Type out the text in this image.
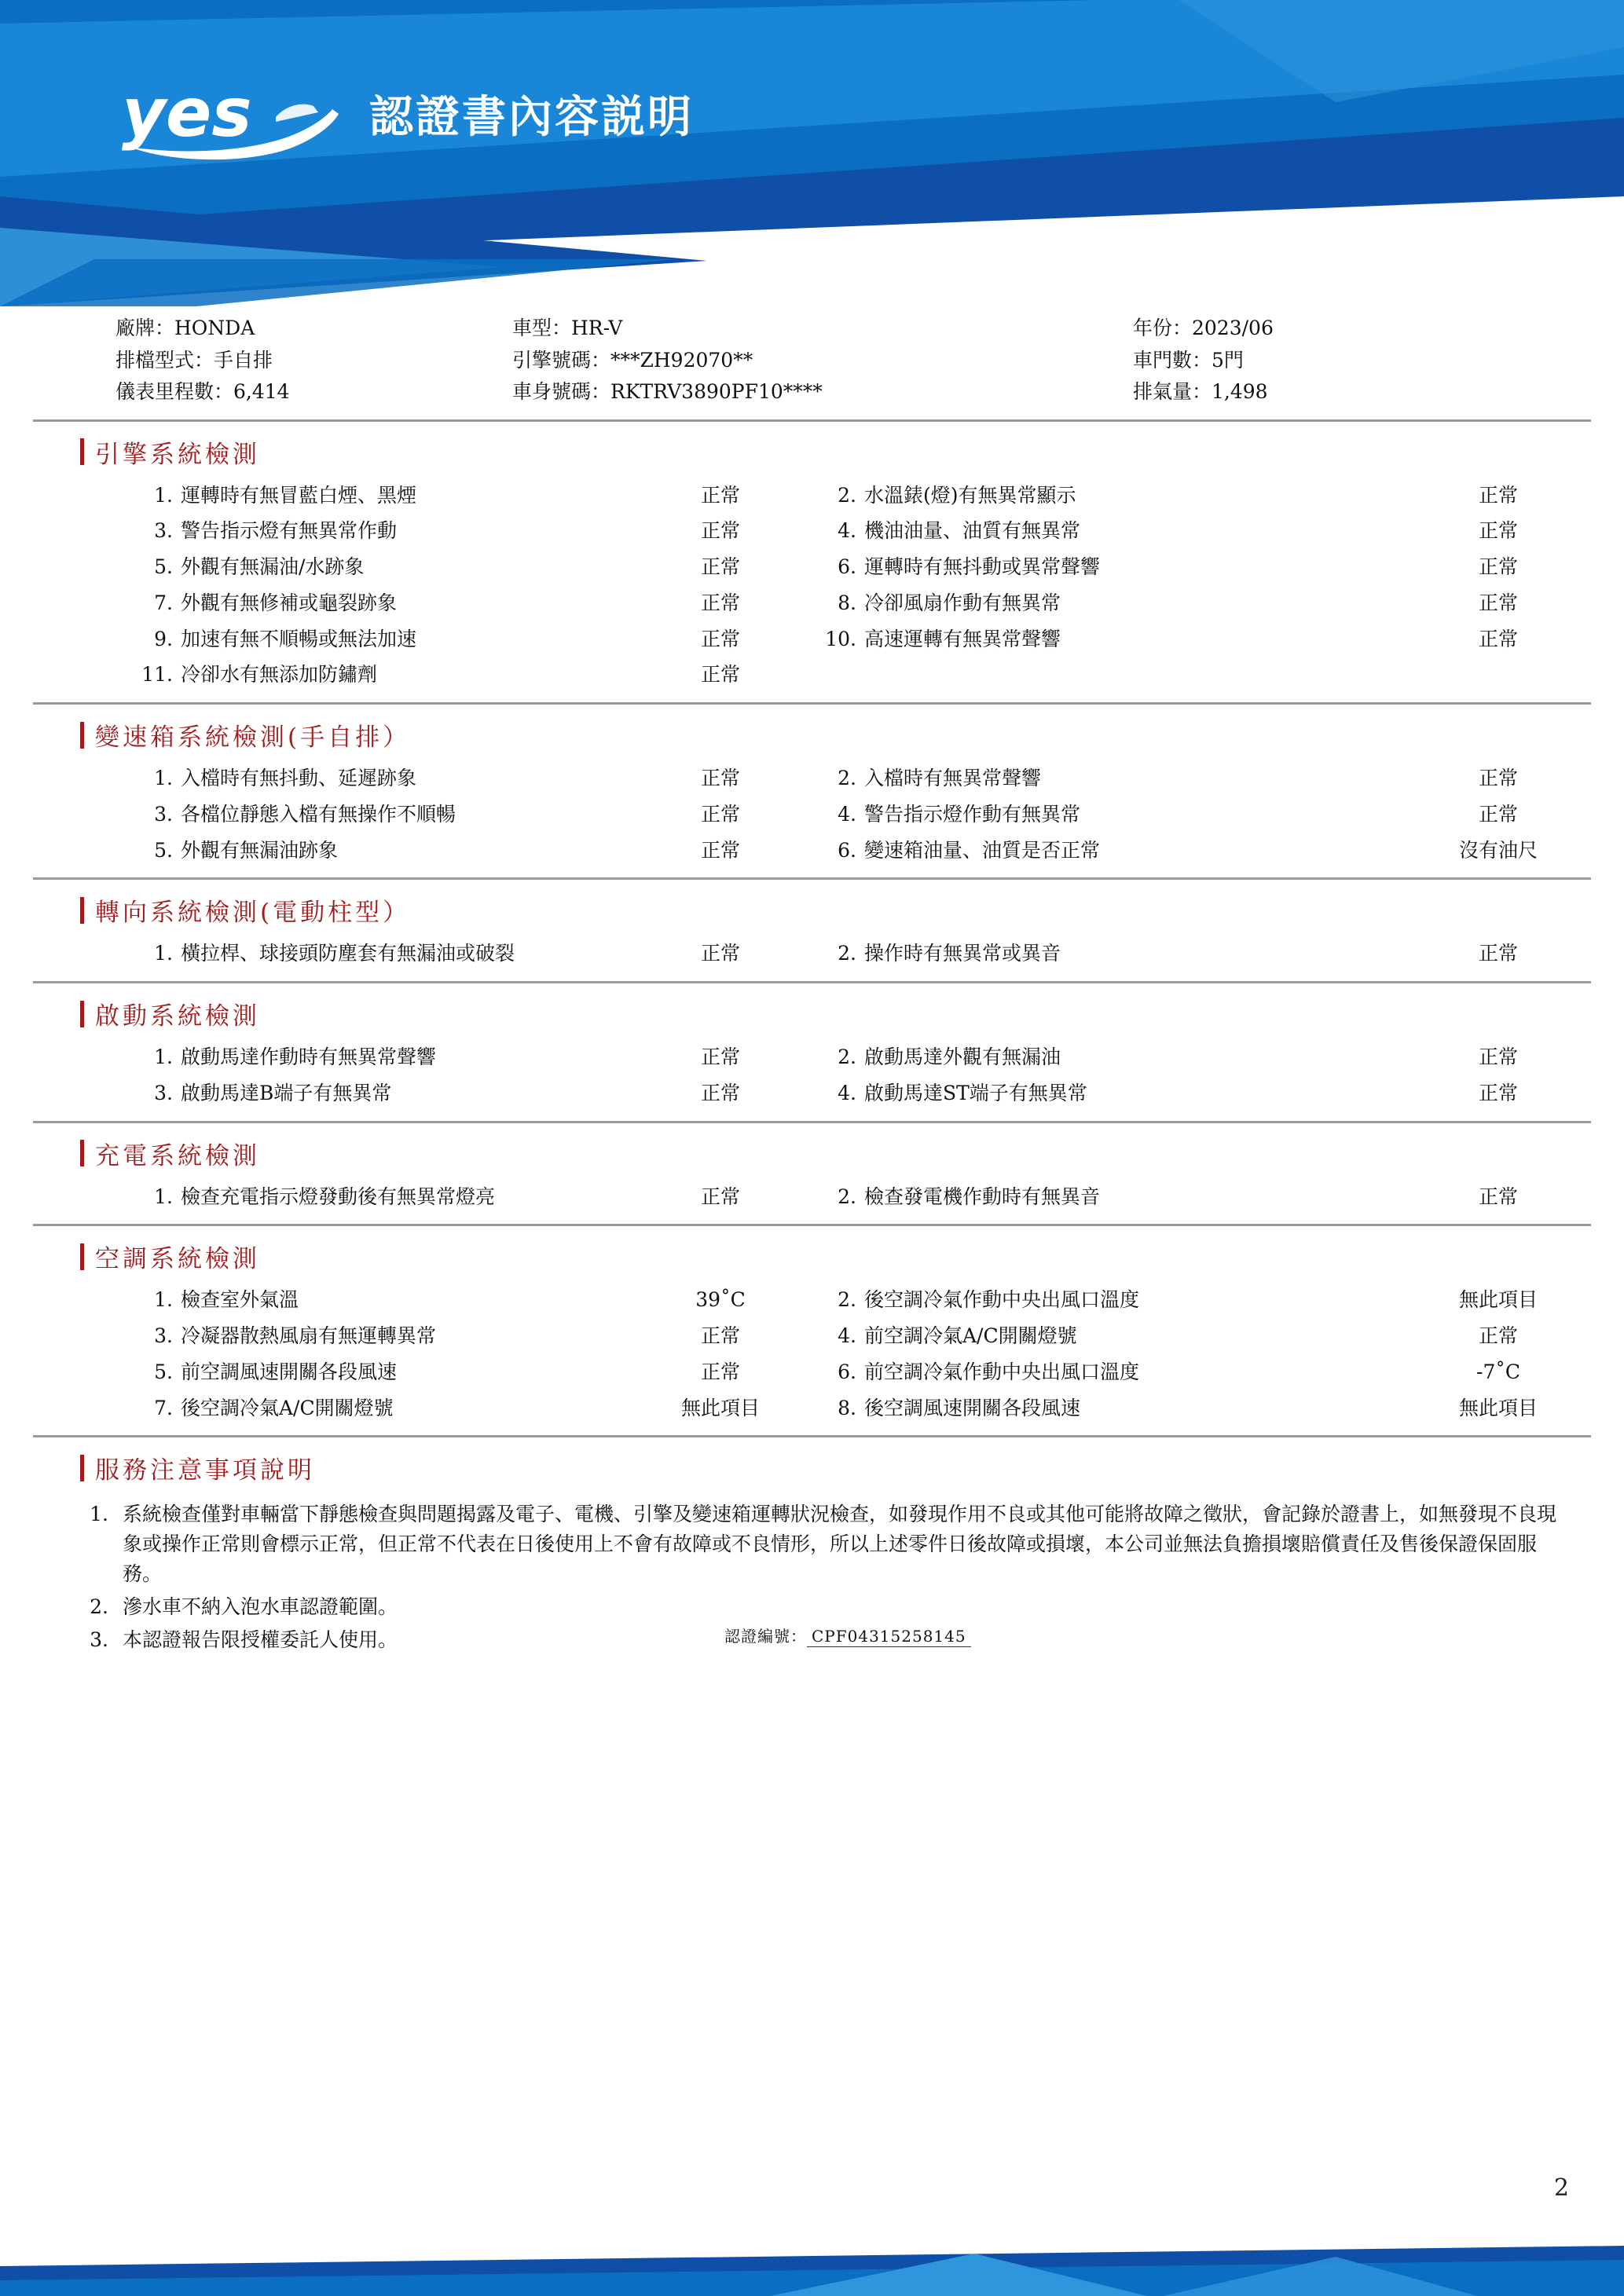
yes	認證書內容説明
廠牌：HONDA
排檔型式：手自排
儀表里程數：6,414
車型：HR-V
引擎號碼：***ZH92070**
車身號碼：RKTRV3890PF10****
年份：2023/06
車門數：5門
排氣量：1,498
引擎系統檢測
1. 運轉時有無冒藍白煙、黑煙	正常	2. 水溫錶(燈)有無異常顯示	正常
3. 警告指示燈有無異常作動	正常	4. 機油油量、油質有無異常	正常
5. 外觀有無漏油/水跡象	正常	6. 運轉時有無抖動或異常聲響	正常
7. 外觀有無修補或龜裂跡象	正常	8. 冷卻風扇作動有無異常	正常
9. 加速有無不順暢或無法加速	正常	10. 高速運轉有無異常聲響	正常
11. 冷卻水有無添加防鏽劑	正常
變速箱系統檢測(手自排）
1. 入檔時有無抖動、延遲跡象	正常	2. 入檔時有無異常聲響	正常
3. 各檔位靜態入檔有無操作不順暢	正常	4. 警告指示燈作動有無異常	正常
5. 外觀有無漏油跡象	正常	6. 變速箱油量、油質是否正常	沒有油尺
轉向系統檢測(電動柱型）
1. 橫拉桿、球接頭防塵套有無漏油或破裂	正常	2. 操作時有無異常或異音	正常
啟動系統檢測
1. 啟動馬達作動時有無異常聲響	正常	2. 啟動馬達外觀有無漏油	正常
3. 啟動馬達B端子有無異常	正常	4. 啟動馬達ST端子有無異常	正常
充電系統檢測
1. 檢查充電指示燈發動後有無異常燈亮	正常	2. 檢查發電機作動時有無異音	正常
空調系統檢測
1. 檢查室外氣溫	39˚C	2. 後空調冷氣作動中央出風口溫度	無此項目
3. 冷凝器散熱風扇有無運轉異常	正常	4. 前空調冷氣A/C開關燈號	正常
5. 前空調風速開關各段風速	正常	6. 前空調冷氣作動中央出風口溫度	-7˚C
7. 後空調冷氣A/C開關燈號	無此項目	8. 後空調風速開關各段風速	無此項目
服務注意事項說明
1. 系統檢查僅對車輛當下靜態檢查與問題揭露及電子、電機、引擎及變速箱運轉狀況檢查，如發現作用不良或其他可能將故障之徵狀，會記錄於證書上，如無發現不良現象或操作正常則會標示正常，但正常不代表在日後使用上不會有故障或不良情形，所以上述零件日後故障或損壞，本公司並無法負擔損壞賠償責任及售後保證保固服務。
2. 滲水車不納入泡水車認證範圍。
3. 本認證報告限授權委託人使用。	認證編號： CPF04315258145
2
